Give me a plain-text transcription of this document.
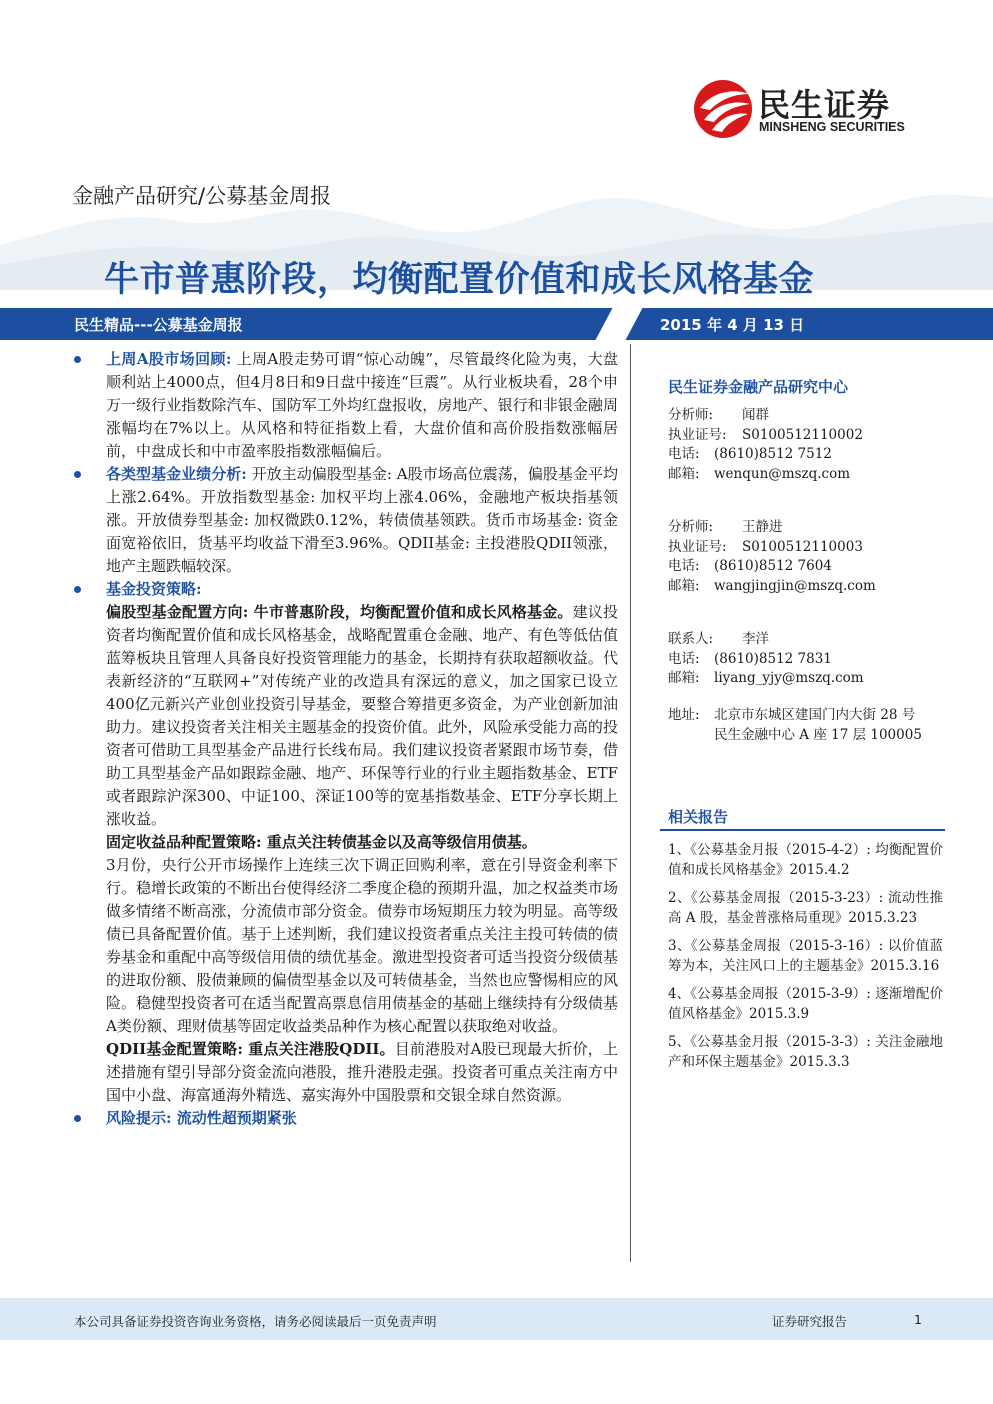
民生证券
MINSHENG SECURITIES
金融产品研究/公募基金周报
牛市普惠阶段，均衡配置价值和成长风格基金
民生精品---公募基金周报	2015 年 4 月 13 日
上周A股市场回顾: 上周A股走势可谓“惊心动魄”，尽管最终化险为夷，大盘顺利站上4000点，但4月8日和9日盘中接连“巨震”。从行业板块看，28个申万一级行业指数除汽车、国防军工外均红盘报收，房地产、银行和非银金融周涨幅均在7%以上。从风格和特征指数上看，大盘价值和高价股指数涨幅居前，中盘成长和中市盈率股指数涨幅偏后。
各类型基金业绩分析: 开放主动偏股型基金: A股市场高位震荡，偏股基金平均上涨2.64%。开放指数型基金: 加权平均上涨4.06%，金融地产板块指基领涨。开放债券型基金: 加权微跌0.12%，转债债基领跌。货币市场基金: 资金面宽裕依旧，货基平均收益下滑至3.96%。QDII基金: 主投港股QDII领涨，地产主题跌幅较深。
基金投资策略:
偏股型基金配置方向: 牛市普惠阶段，均衡配置价值和成长风格基金。建议投资者均衡配置价值和成长风格基金，战略配置重仓金融、地产、有色等低估值蓝筹板块且管理人具备良好投资管理能力的基金，长期持有获取超额收益。代表新经济的“互联网+”对传统产业的改造具有深远的意义，加之国家已设立400亿元新兴产业创业投资引导基金，要整合筹措更多资金，为产业创新加油助力。建议投资者关注相关主题基金的投资价值。此外，风险承受能力高的投资者可借助工具型基金产品进行长线布局。我们建议投资者紧跟市场节奏，借助工具型基金产品如跟踪金融、地产、环保等行业的行业主题指数基金、ETF或者跟踪沪深300、中证100、深证100等的宽基指数基金、ETF分享长期上涨收益。
固定收益品种配置策略: 重点关注转债基金以及高等级信用债基。
3月份，央行公开市场操作上连续三次下调正回购利率，意在引导资金利率下行。稳增长政策的不断出台使得经济二季度企稳的预期升温，加之权益类市场做多情绪不断高涨，分流债市部分资金。债券市场短期压力较为明显。高等级债已具备配置价值。基于上述判断，我们建议投资者重点关注主投可转债的债券基金和重配中高等级信用债的绩优基金。激进型投资者可适当投资分级债基的进取份额、股债兼顾的偏债型基金以及可转债基金，当然也应警惕相应的风险。稳健型投资者可在适当配置高票息信用债基金的基础上继续持有分级债基A类份额、理财债基等固定收益类品种作为核心配置以获取绝对收益。
QDII基金配置策略: 重点关注港股QDII。目前港股对A股已现最大折价，上述措施有望引导部分资金流向港股，推升港股走强。投资者可重点关注南方中国中小盘、海富通海外精选、嘉实海外中国股票和交银全球自然资源。
风险提示: 流动性超预期紧张
民生证券金融产品研究中心
分析师: 闻群
执业证号: S0100512110002
电话: (8610)8512 7512
邮箱: wenqun@mszq.com
分析师: 王静进
执业证号: S0100512110003
电话: (8610)8512 7604
邮箱: wangjingjin@mszq.com
联系人: 李洋
电话: (8610)8512 7831
邮箱: liyang_yjy@mszq.com
地址: 北京市东城区建国门内大街 28 号
民生金融中心 A 座 17 层 100005
相关报告
1、《公募基金月报（2015-4-2）: 均衡配置价值和成长风格基金》2015.4.2
2、《公募基金周报（2015-3-23）: 流动性推高 A 股，基金普涨格局重现》2015.3.23
3、《公募基金周报（2015-3-16）: 以价值蓝筹为本，关注风口上的主题基金》2015.3.16
4、《公募基金周报（2015-3-9）: 逐渐增配价值风格基金》2015.3.9
5、《公募基金月报（2015-3-3）: 关注金融地产和环保主题基金》2015.3.3
本公司具备证券投资咨询业务资格，请务必阅读最后一页免责声明	证券研究报告	1
